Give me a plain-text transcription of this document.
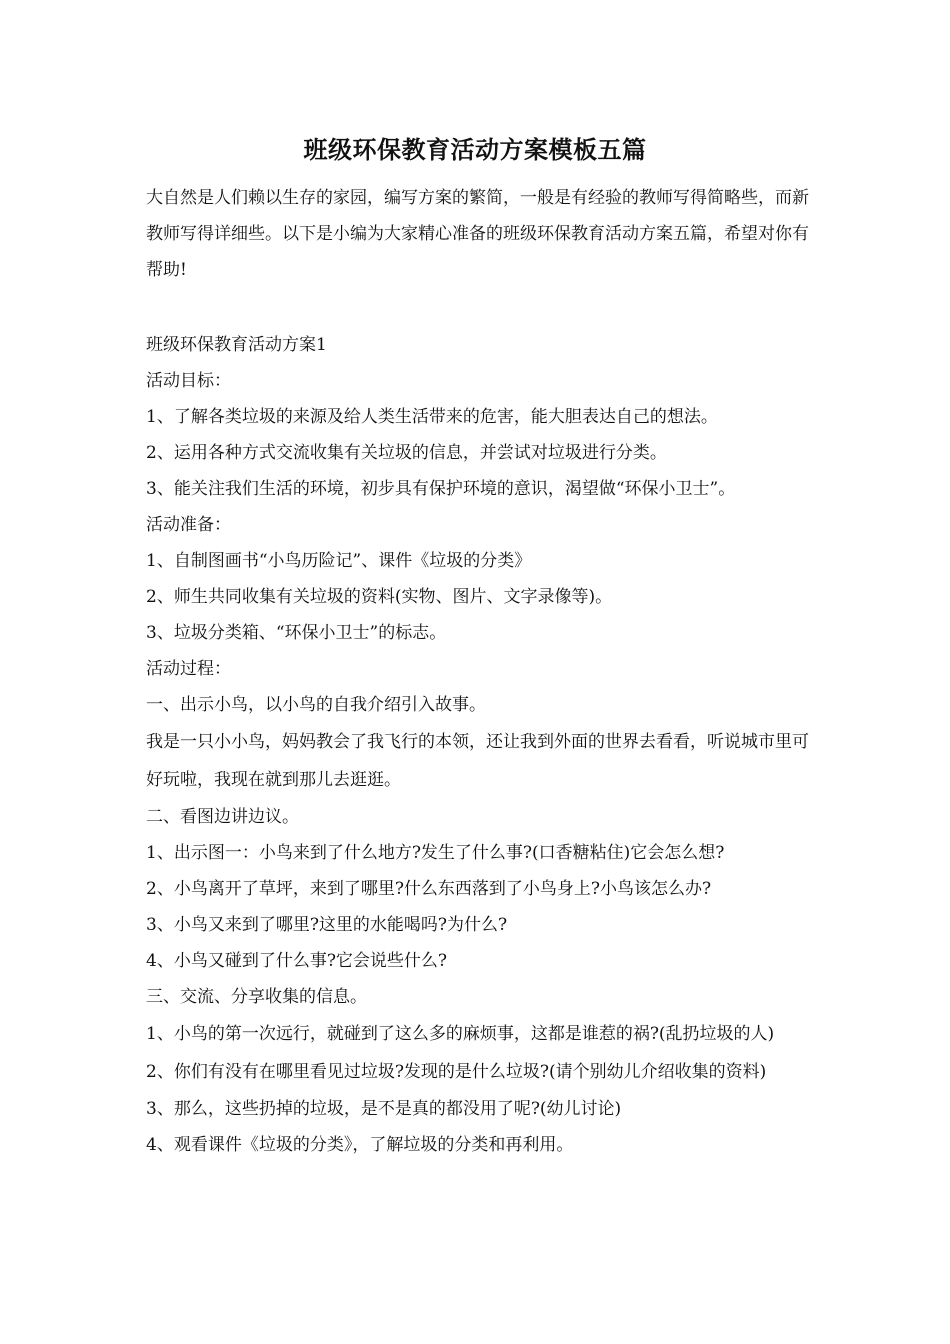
班级环保教育活动方案模板五篇

大自然是人们赖以生存的家园，编写方案的繁简，一般是有经验的教师写得简略些，而新教师写得详细些。以下是小编为大家精心准备的班级环保教育活动方案五篇，希望对你有帮助!

班级环保教育活动方案1

活动目标：

1、了解各类垃圾的来源及给人类生活带来的危害，能大胆表达自己的想法。

2、运用各种方式交流收集有关垃圾的信息，并尝试对垃圾进行分类。

3、能关注我们生活的环境，初步具有保护环境的意识，渴望做“环保小卫士”。

活动准备：

1、自制图画书“小鸟历险记”、课件《垃圾的分类》

2、师生共同收集有关垃圾的资料(实物、图片、文字录像等)。

3、垃圾分类箱、“环保小卫士”的标志。

活动过程：

一、出示小鸟，以小鸟的自我介绍引入故事。

我是一只小小鸟，妈妈教会了我飞行的本领，还让我到外面的世界去看看，听说城市里可好玩啦，我现在就到那儿去逛逛。

二、看图边讲边议。

1、出示图一：小鸟来到了什么地方?发生了什么事?(口香糖粘住)它会怎么想?

2、小鸟离开了草坪，来到了哪里?什么东西落到了小鸟身上?小鸟该怎么办?

3、小鸟又来到了哪里?这里的水能喝吗?为什么?

4、小鸟又碰到了什么事?它会说些什么?

三、交流、分享收集的信息。

1、小鸟的第一次远行，就碰到了这么多的麻烦事，这都是谁惹的祸?(乱扔垃圾的人)

2、你们有没有在哪里看见过垃圾?发现的是什么垃圾?(请个别幼儿介绍收集的资料)

3、那么，这些扔掉的垃圾，是不是真的都没用了呢?(幼儿讨论)

4、观看课件《垃圾的分类》，了解垃圾的分类和再利用。
